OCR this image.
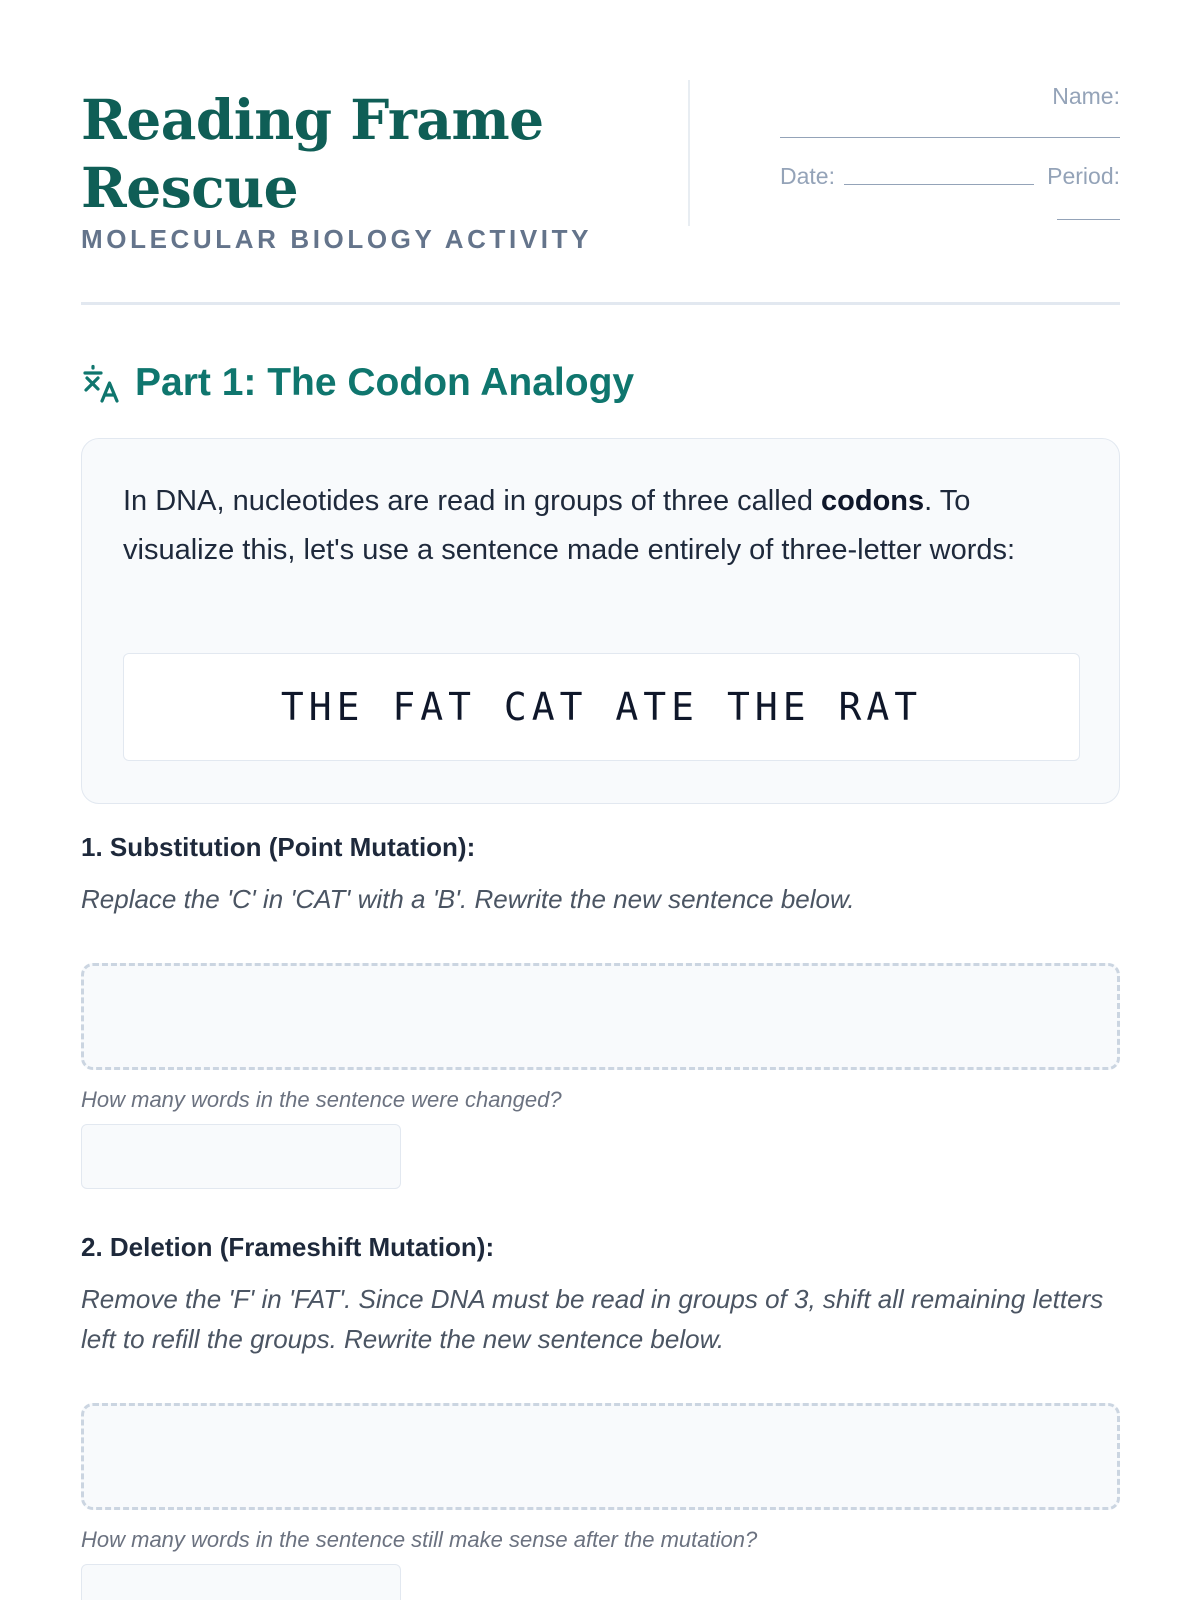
Reading Frame Rescue
MOLECULAR BIOLOGY ACTIVITY
Name:
Date:	Period:
Part 1: The Codon Analogy

In DNA, nucleotides are read in groups of three called codons. To visualize this, let's use a sentence made entirely of three-letter words:

THE FAT CAT ATE THE RAT
1. Substitution (Point Mutation):

Replace the 'C' in 'CAT' with a 'B'. Rewrite the new sentence below.

How many words in the sentence were changed?

2. Deletion (Frameshift Mutation):

Remove the 'F' in 'FAT'. Since DNA must be read in groups of 3, shift all remaining letters left to refill the groups. Rewrite the new sentence below.

How many words in the sentence still make sense after the mutation?
